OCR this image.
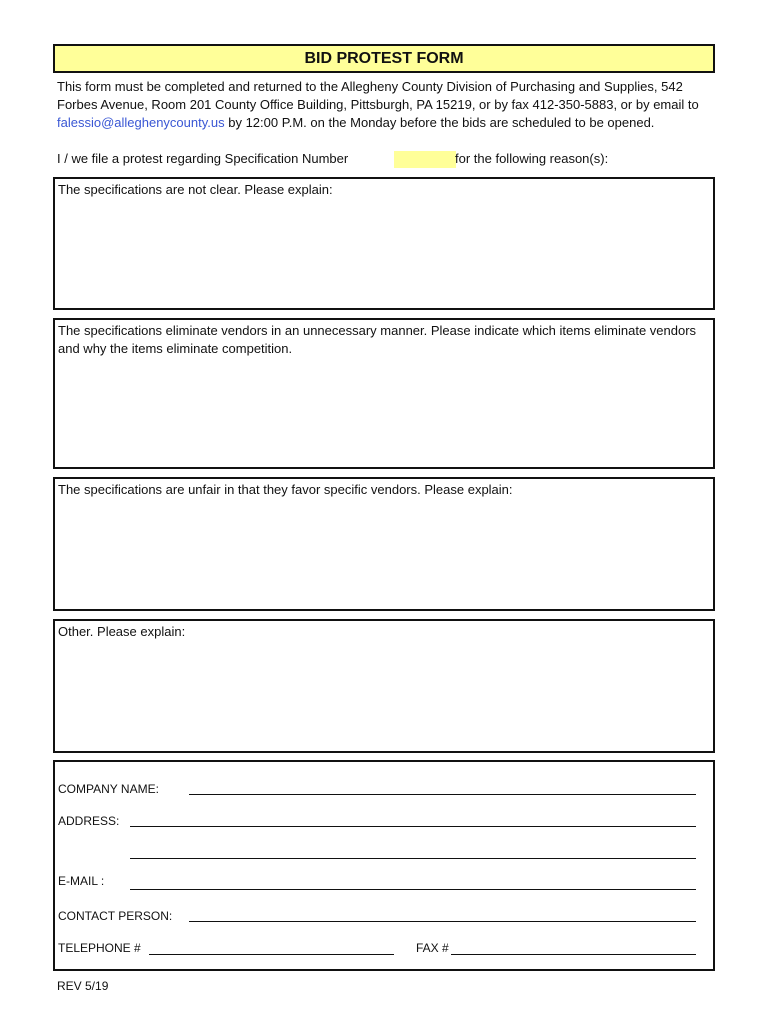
BID PROTEST FORM
This form must be completed and returned to the Allegheny County Division of Purchasing and Supplies, 542 Forbes Avenue, Room 201 County Office Building, Pittsburgh, PA 15219, or by fax 412-350-5883, or by email to falessio@alleghenycounty.us by 12:00 P.M. on the Monday before the bids are scheduled to be opened.
I / we file a protest regarding Specification Number	for the following reason(s):
The specifications are not clear. Please explain:
The specifications eliminate vendors in an unnecessary manner. Please indicate which items eliminate vendors and why the items eliminate competition.
The specifications are unfair in that they favor specific vendors. Please explain:
Other. Please explain:
COMPANY NAME:
ADDRESS:
E-MAIL :
CONTACT PERSON:
TELEPHONE #	FAX #
REV 5/19
